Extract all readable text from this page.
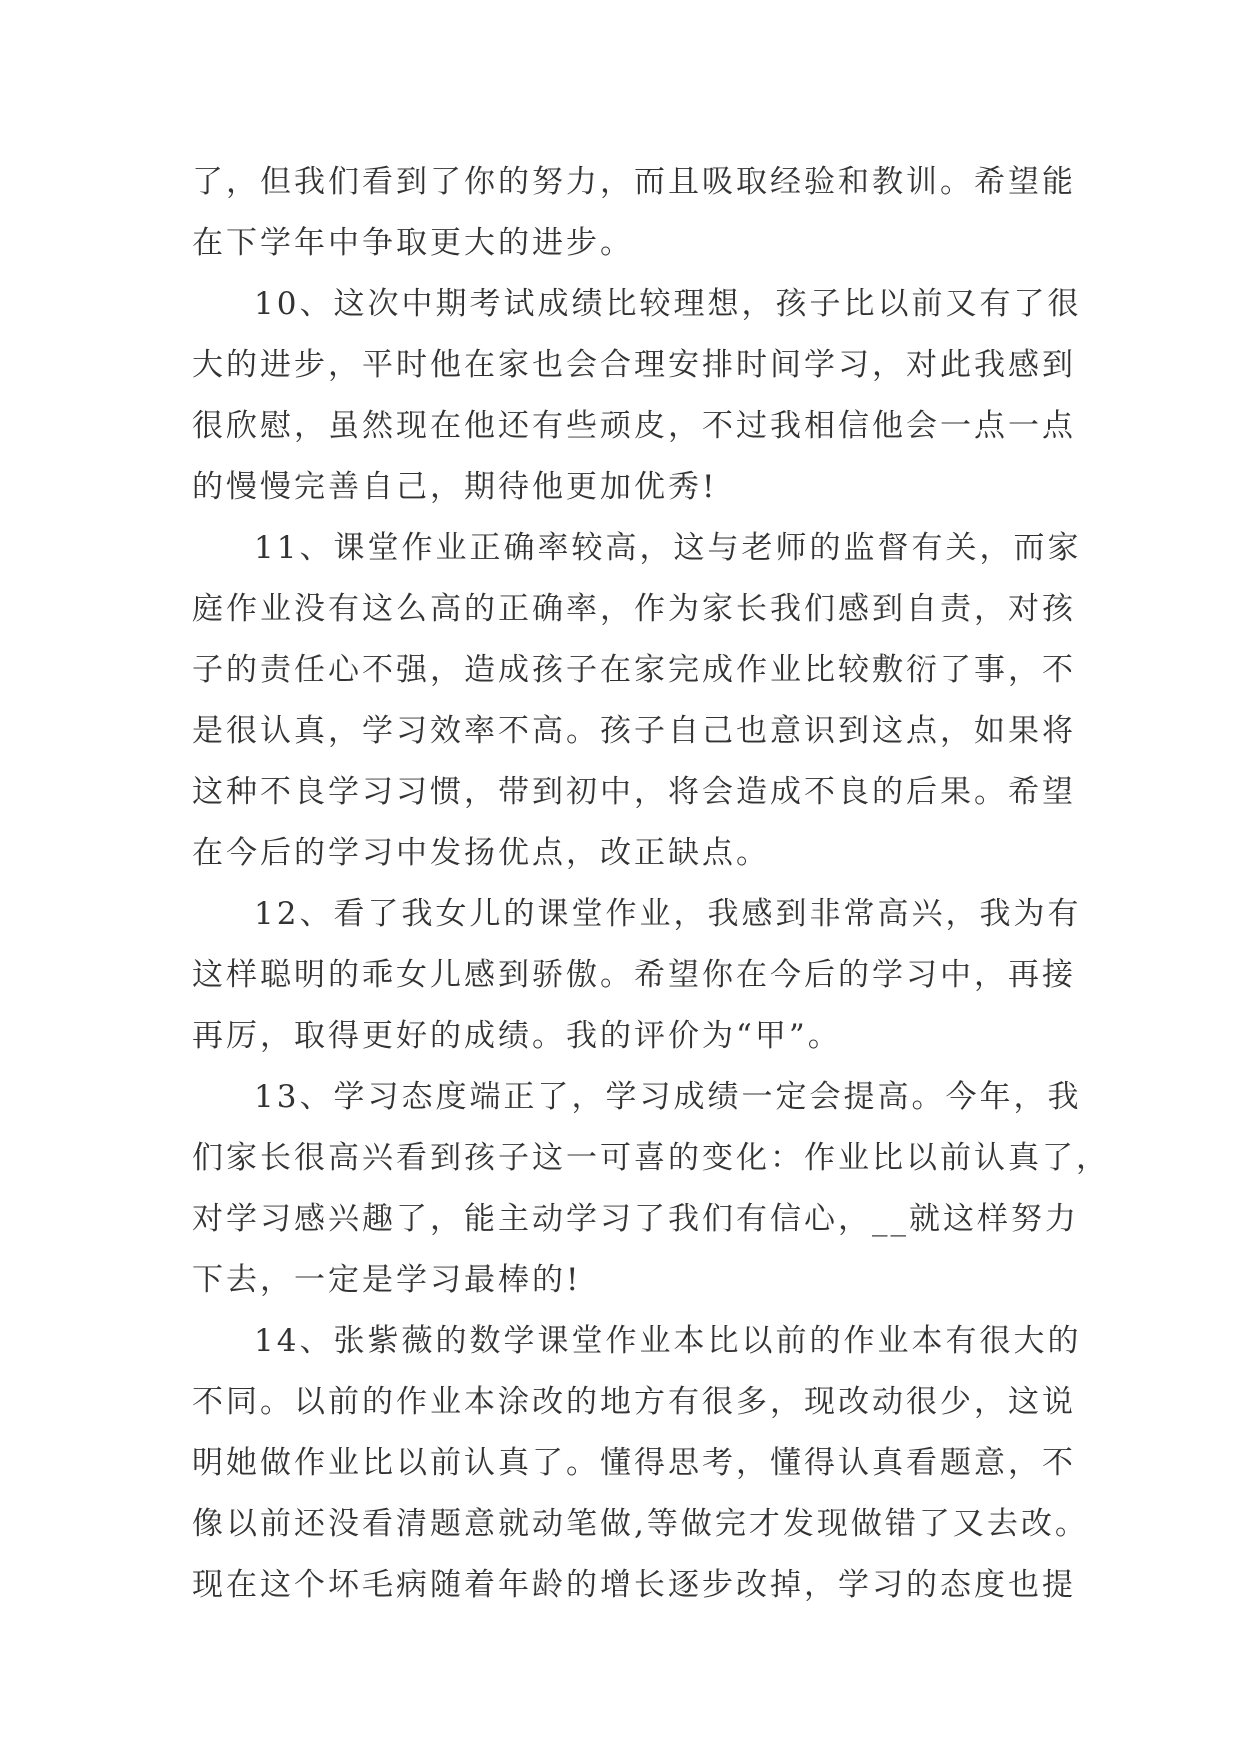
了，但我们看到了你的努力，而且吸取经验和教训。希望能
在下学年中争取更大的进步。
10、这次中期考试成绩比较理想，孩子比以前又有了很
大的进步，平时他在家也会合理安排时间学习，对此我感到
很欣慰，虽然现在他还有些顽皮，不过我相信他会一点一点
的慢慢完善自己，期待他更加优秀!
11、课堂作业正确率较高，这与老师的监督有关，而家
庭作业没有这么高的正确率，作为家长我们感到自责，对孩
子的责任心不强，造成孩子在家完成作业比较敷衍了事，不
是很认真，学习效率不高。孩子自己也意识到这点，如果将
这种不良学习习惯，带到初中，将会造成不良的后果。希望
在今后的学习中发扬优点，改正缺点。
12、看了我女儿的课堂作业，我感到非常高兴，我为有
这样聪明的乖女儿感到骄傲。希望你在今后的学习中，再接
再厉，取得更好的成绩。我的评价为“甲”。
13、学习态度端正了，学习成绩一定会提高。今年，我
们家长很高兴看到孩子这一可喜的变化：作业比以前认真了，
对学习感兴趣了，能主动学习了我们有信心，__就这样努力
下去，一定是学习最棒的!
14、张紫薇的数学课堂作业本比以前的作业本有很大的
不同。以前的作业本涂改的地方有很多，现改动很少，这说
明她做作业比以前认真了。懂得思考，懂得认真看题意，不
像以前还没看清题意就动笔做,等做完才发现做错了又去改。
现在这个坏毛病随着年龄的增长逐步改掉，学习的态度也提
